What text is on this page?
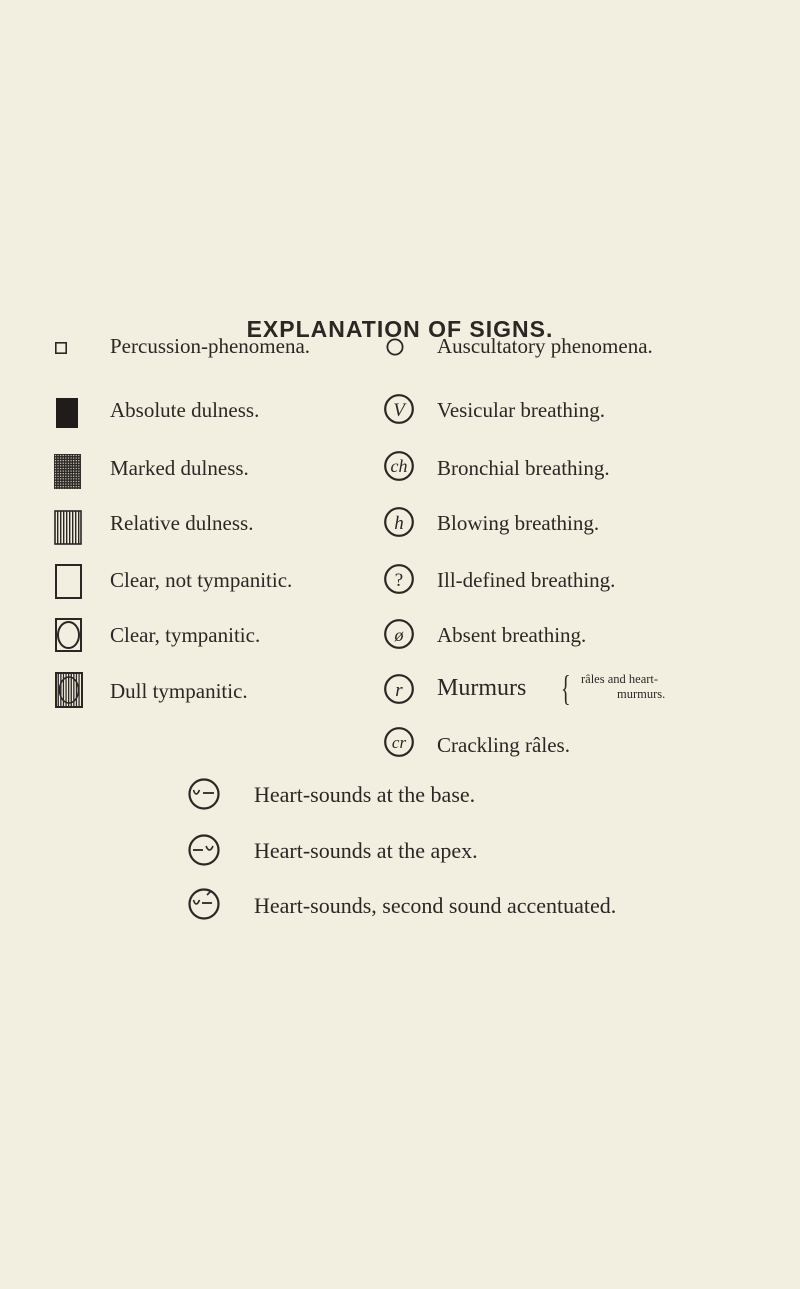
EXPLANATION OF SIGNS.
Percussion-phenomena.	Auscultatory phenomena.
Absolute dulness.
Marked dulness.
Relative dulness.
Clear, not tympanitic.
Clear, tympanitic.
Dull tympanitic.
V
ch
h
?
ø
r
cr
Vesicular breathing.
Bronchial breathing.
Blowing breathing.
Ill-defined breathing.
Absent breathing.
Murmurs { râles and heart-
murmurs.
Crackling râles.
Heart-sounds at the base.
Heart-sounds at the apex.
Heart-sounds, second sound accentuated.
